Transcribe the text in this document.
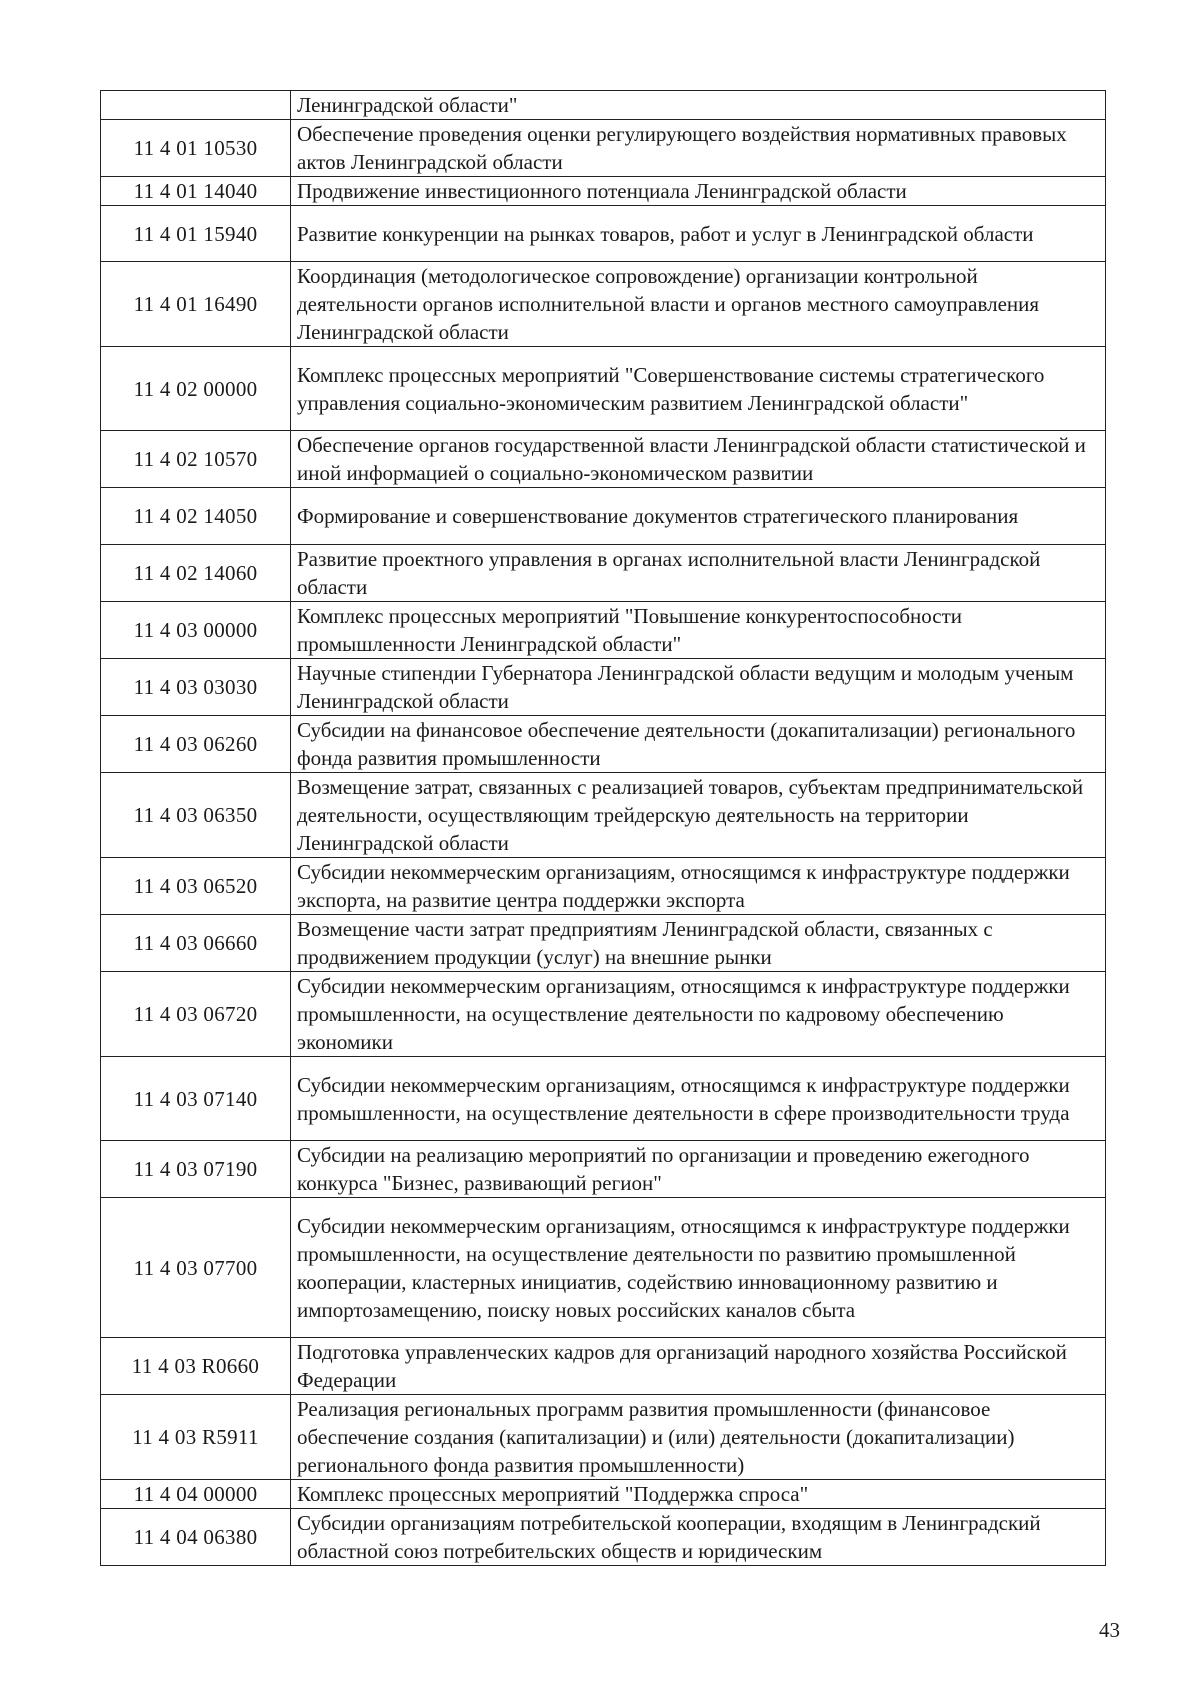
	Ленинградской области"
11 4 01 10530	Обеспечение проведения оценки регулирующего воздействия нормативных правовых актов Ленинградской области
11 4 01 14040	Продвижение инвестиционного потенциала Ленинградской области
11 4 01 15940	Развитие конкуренции на рынках товаров, работ и услуг в Ленинградской области
11 4 01 16490	Координация (методологическое сопровождение) организации контрольной деятельности органов исполнительной власти и органов местного самоуправления Ленинградской области
11 4 02 00000	Комплекс процессных мероприятий "Совершенствование системы стратегического управления социально-экономическим развитием Ленинградской области"
11 4 02 10570	Обеспечение органов государственной власти Ленинградской области статистической и иной информацией о социально-экономическом развитии
11 4 02 14050	Формирование и совершенствование документов стратегического планирования
11 4 02 14060	Развитие проектного управления в органах исполнительной власти Ленинградской области
11 4 03 00000	Комплекс процессных мероприятий "Повышение конкурентоспособности промышленности Ленинградской области"
11 4 03 03030	Научные стипендии Губернатора Ленинградской области ведущим и молодым ученым Ленинградской области
11 4 03 06260	Субсидии на финансовое обеспечение деятельности (докапитализации) регионального фонда развития промышленности
11 4 03 06350	Возмещение затрат, связанных с реализацией товаров, субъектам предпринимательской деятельности, осуществляющим трейдерскую деятельность на территории Ленинградской области
11 4 03 06520	Субсидии некоммерческим организациям, относящимся к инфраструктуре поддержки экспорта, на развитие центра поддержки экспорта
11 4 03 06660	Возмещение части затрат предприятиям Ленинградской области, связанных с продвижением продукции (услуг) на внешние рынки
11 4 03 06720	Субсидии некоммерческим организациям, относящимся к инфраструктуре поддержки промышленности, на осуществление деятельности по кадровому обеспечению экономики
11 4 03 07140	Субсидии некоммерческим организациям, относящимся к инфраструктуре поддержки промышленности, на осуществление деятельности в сфере производительности труда
11 4 03 07190	Субсидии на реализацию мероприятий по организации и проведению ежегодного конкурса "Бизнес, развивающий регион"
11 4 03 07700	Субсидии некоммерческим организациям, относящимся к инфраструктуре поддержки промышленности, на осуществление деятельности по развитию промышленной кооперации, кластерных инициатив, содействию инновационному развитию и импортозамещению, поиску новых российских каналов сбыта
11 4 03 R0660	Подготовка управленческих кадров для организаций народного хозяйства Российской Федерации
11 4 03 R5911	Реализация региональных программ развития промышленности (финансовое обеспечение создания (капитализации) и (или) деятельности (докапитализации) регионального фонда развития промышленности)
11 4 04 00000	Комплекс процессных мероприятий "Поддержка спроса"
11 4 04 06380	Субсидии организациям потребительской кооперации, входящим в Ленинградский областной союз потребительских обществ и юридическим
43
